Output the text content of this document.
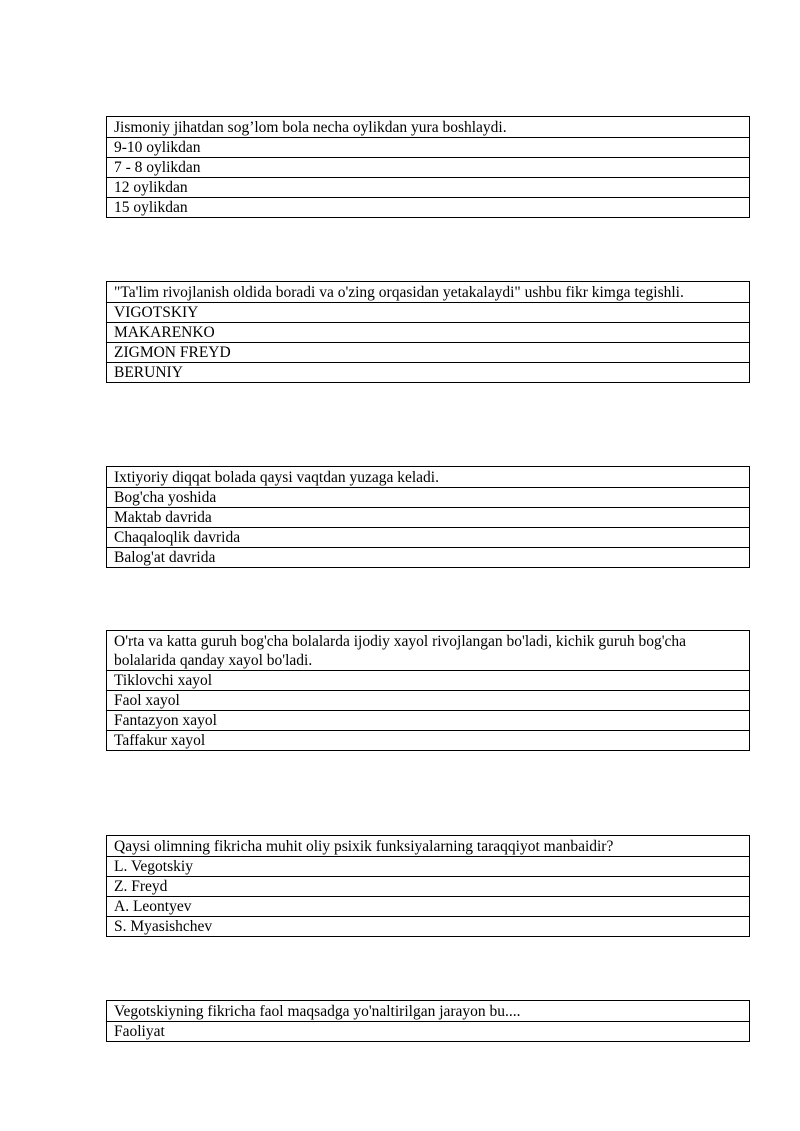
Jismoniy jihatdan sog’lom bola necha oylikdan yura boshlaydi.
9-10 oylikdan
7 - 8 oylikdan
12 oylikdan
15 oylikdan
"Ta'lim rivojlanish oldida boradi va o'zing orqasidan yetakalaydi" ushbu fikr kimga tegishli.
VIGOTSKIY
MAKARENKO
ZIGMON FREYD
BERUNIY
Ixtiyoriy diqqat bolada qaysi vaqtdan yuzaga keladi.
Bog'cha yoshida
Maktab davrida
Chaqaloqlik davrida
Balog'at davrida
O'rta va katta guruh bog'cha bolalarda ijodiy xayol rivojlangan bo'ladi, kichik guruh bog'cha bolalarida qanday xayol bo'ladi.
Tiklovchi xayol
Faol xayol
Fantazyon xayol
Taffakur xayol
Qaysi olimning fikricha muhit oliy psixik funksiyalarning taraqqiyot manbaidir?
L. Vegotskiy
Z. Freyd
A. Leontyev
S. Myasishchev
Vegotskiyning fikricha faol maqsadga yo'naltirilgan jarayon bu....
Faoliyat
